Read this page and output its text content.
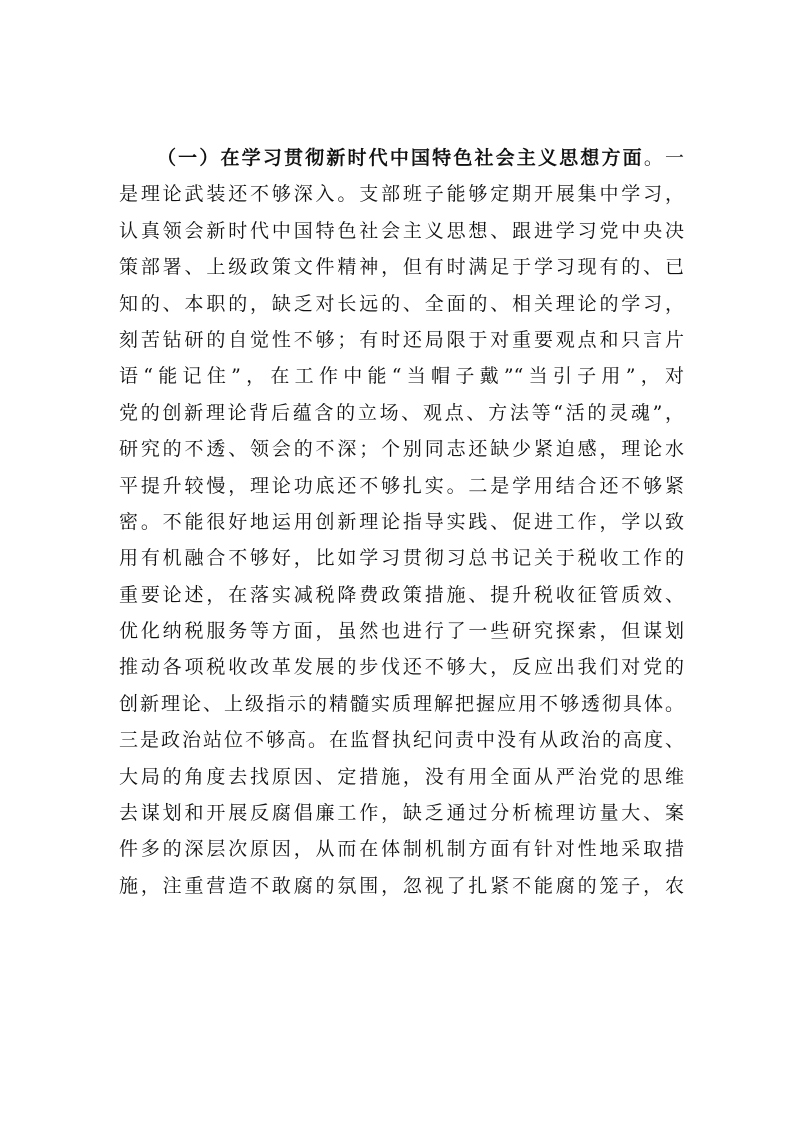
（一）在学习贯彻新时代中国特色社会主义思想方面。一
是理论武装还不够深入。支部班子能够定期开展集中学习，
认真领会新时代中国特色社会主义思想、跟进学习党中央决
策部署、上级政策文件精神，但有时满足于学习现有的、已
知的、本职的，缺乏对长远的、全面的、相关理论的学习，
刻苦钻研的自觉性不够；有时还局限于对重要观点和只言片
语“能记住”，在工作中能“当帽子戴”“当引子用”，对
党的创新理论背后蕴含的立场、观点、方法等“活的灵魂”，
研究的不透、领会的不深；个别同志还缺少紧迫感，理论水
平提升较慢，理论功底还不够扎实。二是学用结合还不够紧
密。不能很好地运用创新理论指导实践、促进工作，学以致
用有机融合不够好，比如学习贯彻习总书记关于税收工作的
重要论述，在落实减税降费政策措施、提升税收征管质效、
优化纳税服务等方面，虽然也进行了一些研究探索，但谋划
推动各项税收改革发展的步伐还不够大，反应出我们对党的
创新理论、上级指示的精髓实质理解把握应用不够透彻具体。
三是政治站位不够高。在监督执纪问责中没有从政治的高度、
大局的角度去找原因、定措施，没有用全面从严治党的思维
去谋划和开展反腐倡廉工作，缺乏通过分析梳理访量大、案
件多的深层次原因，从而在体制机制方面有针对性地采取措
施，注重营造不敢腐的氛围，忽视了扎紧不能腐的笼子，农
